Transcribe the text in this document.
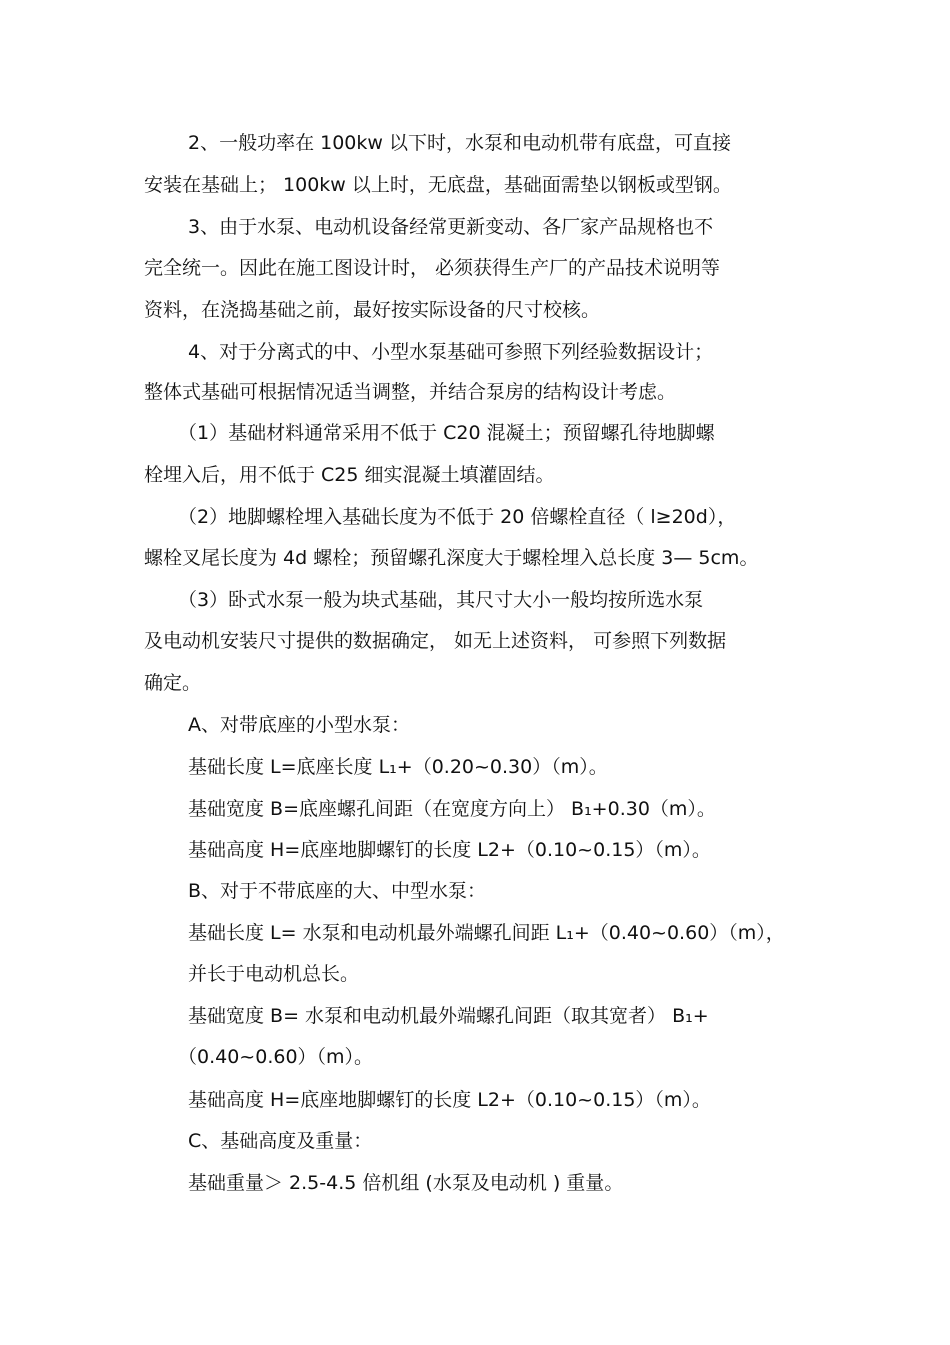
2、一般功率在 100kw 以下时，水泵和电动机带有底盘，可直接
安装在基础上； 100kw 以上时，无底盘，基础面需垫以钢板或型钢。
3、由于水泵、电动机设备经常更新变动、各厂家产品规格也不
完全统一。因此在施工图设计时， 必须获得生产厂的产品技术说明等
资料，在浇捣基础之前，最好按实际设备的尺寸校核。
4、对于分离式的中、小型水泵基础可参照下列经验数据设计；
整体式基础可根据情况适当调整，并结合泵房的结构设计考虑。
（1）基础材料通常采用不低于 C20 混凝土；预留螺孔待地脚螺
栓埋入后，用不低于 C25 细实混凝土填灌固结。
（2）地脚螺栓埋入基础长度为不低于 20 倍螺栓直径（ l≥20d），
螺栓叉尾长度为 4d 螺栓；预留螺孔深度大于螺栓埋入总长度 3— 5cm。
（3）卧式水泵一般为块式基础，其尺寸大小一般均按所选水泵
及电动机安装尺寸提供的数据确定， 如无上述资料， 可参照下列数据
确定。
A、对带底座的小型水泵：
基础长度 L=底座长度 L₁+（0.20~0.30）（m）。
基础宽度 B=底座螺孔间距（在宽度方向上） B₁+0.30（m）。
基础高度 H=底座地脚螺钉的长度 L2+（0.10~0.15）（m）。
B、对于不带底座的大、中型水泵：
基础长度 L= 水泵和电动机最外端螺孔间距 L₁+（0.40~0.60）（m），
并长于电动机总长。
基础宽度 B= 水泵和电动机最外端螺孔间距（取其宽者） B₁+
（0.40~0.60）（m）。
基础高度 H=底座地脚螺钉的长度 L2+（0.10~0.15）（m）。
C、基础高度及重量：
基础重量＞ 2.5-4.5 倍机组 (水泵及电动机 ) 重量。
